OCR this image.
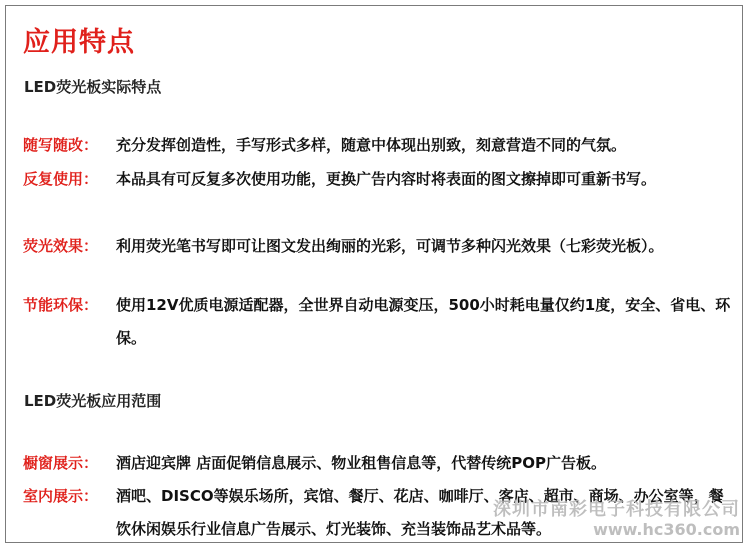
应用特点
LED荧光板实际特点
随写随改：	充分发挥创造性，手写形式多样，随意中体现出别致，刻意营造不同的气氛。
反复使用：	本品具有可反复多次使用功能，更换广告内容时将表面的图文擦掉即可重新书写。
荧光效果：	利用荧光笔书写即可让图文发出绚丽的光彩，可调节多种闪光效果（七彩荧光板）。
节能环保：	使用12V优质电源适配器，全世界自动电源变压，500小时耗电量仅约1度，安全、省电、环保。
LED荧光板应用范围
橱窗展示：	酒店迎宾牌 店面促销信息展示、物业租售信息等，代替传统POP广告板。
室内展示：	酒吧、DISCO等娱乐场所，宾馆、餐厅、花店、咖啡厅、客店、超市、商场、办公室等，餐饮休闲娱乐行业信息广告展示、灯光装饰、充当装饰品艺术品等。
深圳市南彩电子科技有限公司
www.hc360.com
